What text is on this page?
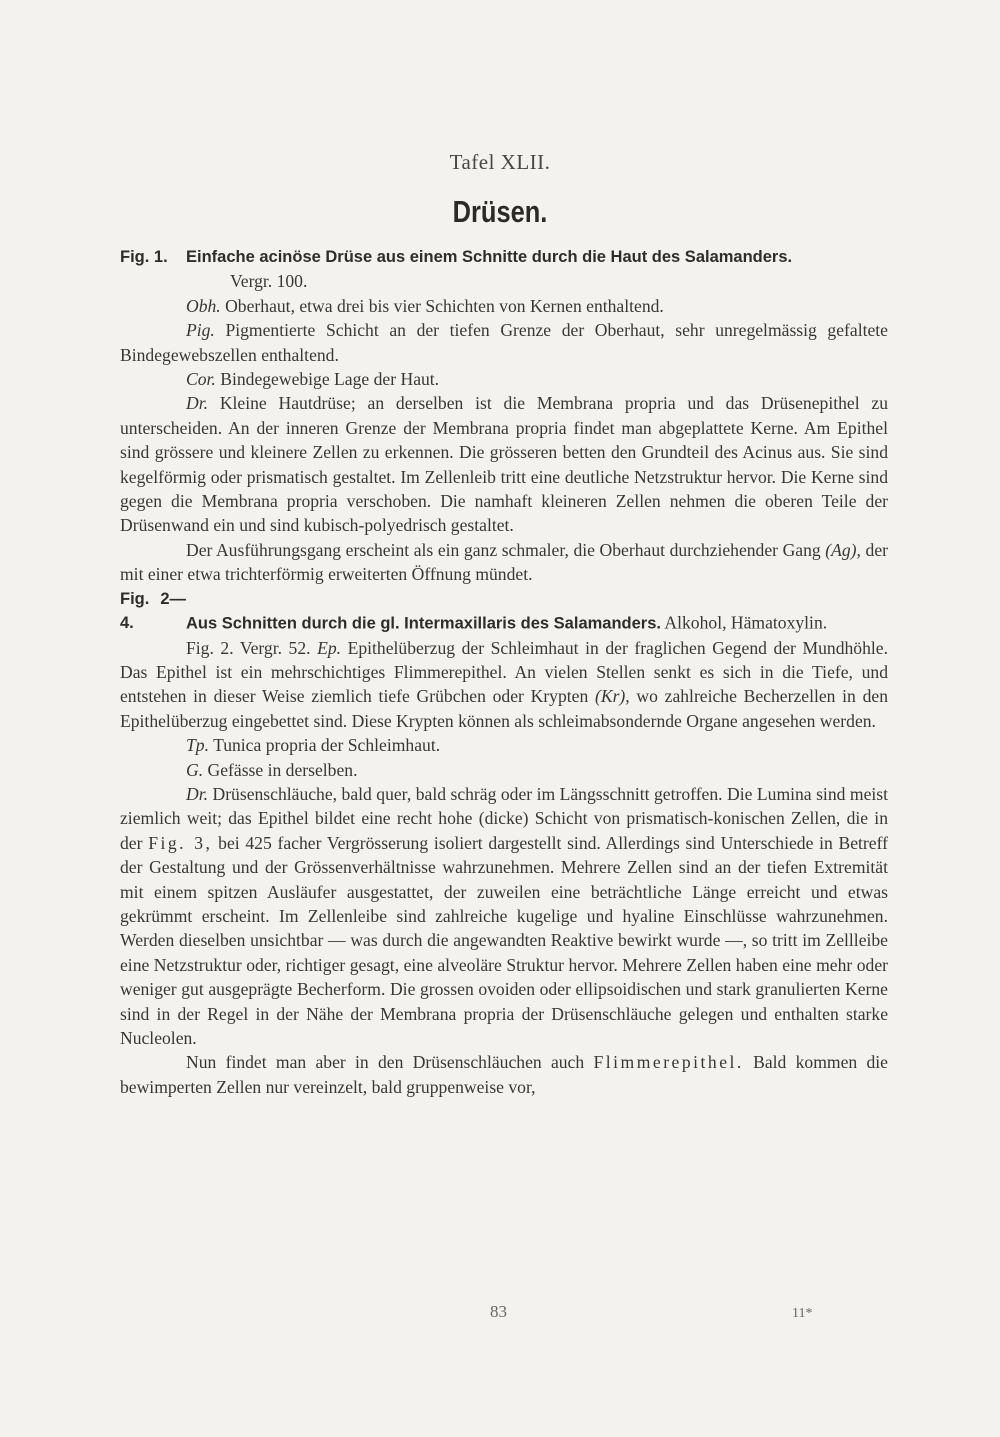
Tafel XLII.
Drüsen.

Fig. 1. Einfache acinöse Drüse aus einem Schnitte durch die Haut des Salamanders.

Vergr. 100.

Obh. Oberhaut, etwa drei bis vier Schichten von Kernen enthaltend.

Pig. Pigmentierte Schicht an der tiefen Grenze der Oberhaut, sehr unregelmässig gefaltete Bindegewebszellen enthaltend.

Cor. Bindegewebige Lage der Haut.

Dr. Kleine Hautdrüse; an derselben ist die Membrana propria und das Drüsenepithel zu unterscheiden. An der inneren Grenze der Membrana propria findet man abgeplattete Kerne. Am Epithel sind grössere und kleinere Zellen zu erkennen. Die grösseren betten den Grundteil des Acinus aus. Sie sind kegelförmig oder prismatisch gestaltet. Im Zellenleib tritt eine deutliche Netzstruktur hervor. Die Kerne sind gegen die Membrana propria verschoben. Die namhaft kleineren Zellen nehmen die oberen Teile der Drüsenwand ein und sind kubisch-polyedrisch gestaltet.

Der Ausführungsgang erscheint als ein ganz schmaler, die Oberhaut durchziehender Gang (Ag), der mit einer etwa trichterförmig erweiterten Öffnung mündet.

Fig. 2—4.	Aus Schnitten durch die gl. Intermaxillaris des Salamanders. Alkohol, Hämatoxylin.

Fig. 2. Vergr. 52. Ep. Epithelüberzug der Schleimhaut in der fraglichen Gegend der Mundhöhle. Das Epithel ist ein mehrschichtiges Flimmerepithel. An vielen Stellen senkt es sich in die Tiefe, und entstehen in dieser Weise ziemlich tiefe Grübchen oder Krypten (Kr), wo zahlreiche Becherzellen in den Epithelüberzug eingebettet sind. Diese Krypten können als schleimabsondernde Organe angesehen werden.

Tp. Tunica propria der Schleimhaut.

G. Gefässe in derselben.

Dr. Drüsenschläuche, bald quer, bald schräg oder im Längsschnitt getroffen. Die Lumina sind meist ziemlich weit; das Epithel bildet eine recht hohe (dicke) Schicht von prismatisch-konischen Zellen, die in der Fig. 3, bei 425 facher Vergrösserung isoliert dargestellt sind. Allerdings sind Unterschiede in Betreff der Gestaltung und der Grössenverhältnisse wahrzunehmen. Mehrere Zellen sind an der tiefen Extremität mit einem spitzen Ausläufer ausgestattet, der zuweilen eine beträchtliche Länge erreicht und etwas gekrümmt erscheint. Im Zellenleibe sind zahlreiche kugelige und hyaline Einschlüsse wahrzunehmen. Werden dieselben unsichtbar — was durch die angewandten Reaktive bewirkt wurde —, so tritt im Zellleibe eine Netzstruktur oder, richtiger gesagt, eine alveoläre Struktur hervor. Mehrere Zellen haben eine mehr oder weniger gut ausgeprägte Becherform. Die grossen ovoiden oder ellipsoidischen und stark granulierten Kerne sind in der Regel in der Nähe der Membrana propria der Drüsenschläuche gelegen und enthalten starke Nucleolen.

Nun findet man aber in den Drüsenschläuchen auch Flimmerepithel. Bald kommen die bewimperten Zellen nur vereinzelt, bald gruppenweise vor,

83	11*
